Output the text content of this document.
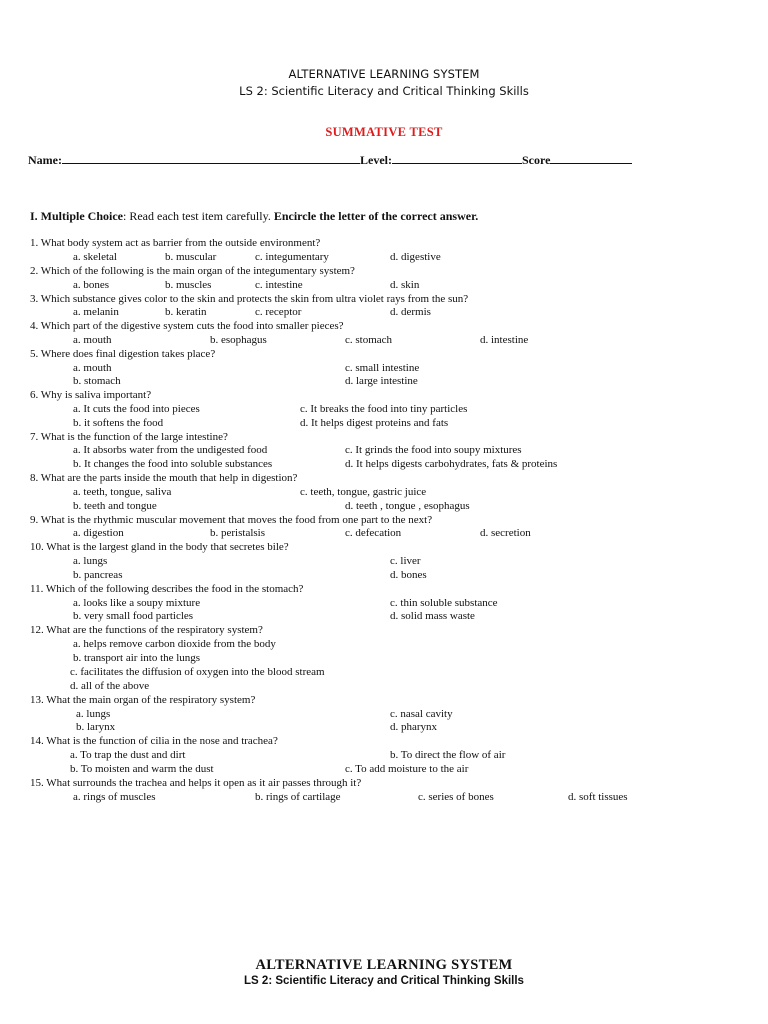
ALTERNATIVE LEARNING SYSTEM
LS 2: Scientific Literacy and Critical Thinking Skills
SUMMATIVE TEST
Name:	Level:	Score
I. Multiple Choice: Read each test item carefully. Encircle the letter of the correct answer.
1. What body system act as barrier from the outside environment?
a. skeletal	b. muscular	c. integumentary	d. digestive
2. Which of the following is the main organ of the integumentary system?
a. bones	b. muscles	c. intestine	d. skin
3. Which substance gives color to the skin and protects the skin from ultra violet rays from the sun?
a. melanin	b. keratin	c. receptor	d. dermis
4. Which part of the digestive system cuts the food into smaller pieces?
a. mouth	b. esophagus	c. stomach	d. intestine
5. Where does final digestion takes place?
a. mouth	c. small intestine
b. stomach	d. large intestine
6. Why is saliva important?
a. It cuts the food into pieces	c. It breaks the food into tiny particles
b. it softens the food	d. It helps digest proteins and fats
7. What is the function of the large intestine?
a. It absorbs water from the undigested food	c. It grinds the food into soupy mixtures
b. It changes the food into soluble substances	d. It helps digests carbohydrates, fats & proteins
8. What are the parts inside the mouth that help in digestion?
a. teeth, tongue, saliva	c. teeth, tongue, gastric juice
b. teeth and tongue	d. teeth , tongue , esophagus
9. What is the rhythmic muscular movement that moves the food from one part to the next?
a. digestion	b. peristalsis	c. defecation	d. secretion
10. What is the largest gland in the body that secretes bile?
a. lungs	c. liver
b. pancreas	d. bones
11. Which of the following describes the food in the stomach?
a. looks like a soupy mixture	c. thin soluble substance
b. very small food particles	d. solid mass waste
12. What are the functions of the respiratory system?
a. helps remove carbon dioxide from the body
b. transport air into the lungs
c. facilitates the diffusion of oxygen into the blood stream
d. all of the above
13. What the main organ of the respiratory system?
a. lungs	c. nasal cavity
b. larynx	d. pharynx
14. What is the function of cilia in the nose and trachea?
a. To trap the dust and dirt	b. To direct the flow of air
b. To moisten and warm the dust	c. To add moisture to the air
15. What surrounds the trachea and helps it open as it air passes through it?
a. rings of muscles	b. rings of cartilage	c. series of bones	d. soft tissues
ALTERNATIVE LEARNING SYSTEM
LS 2: Scientific Literacy and Critical Thinking Skills
